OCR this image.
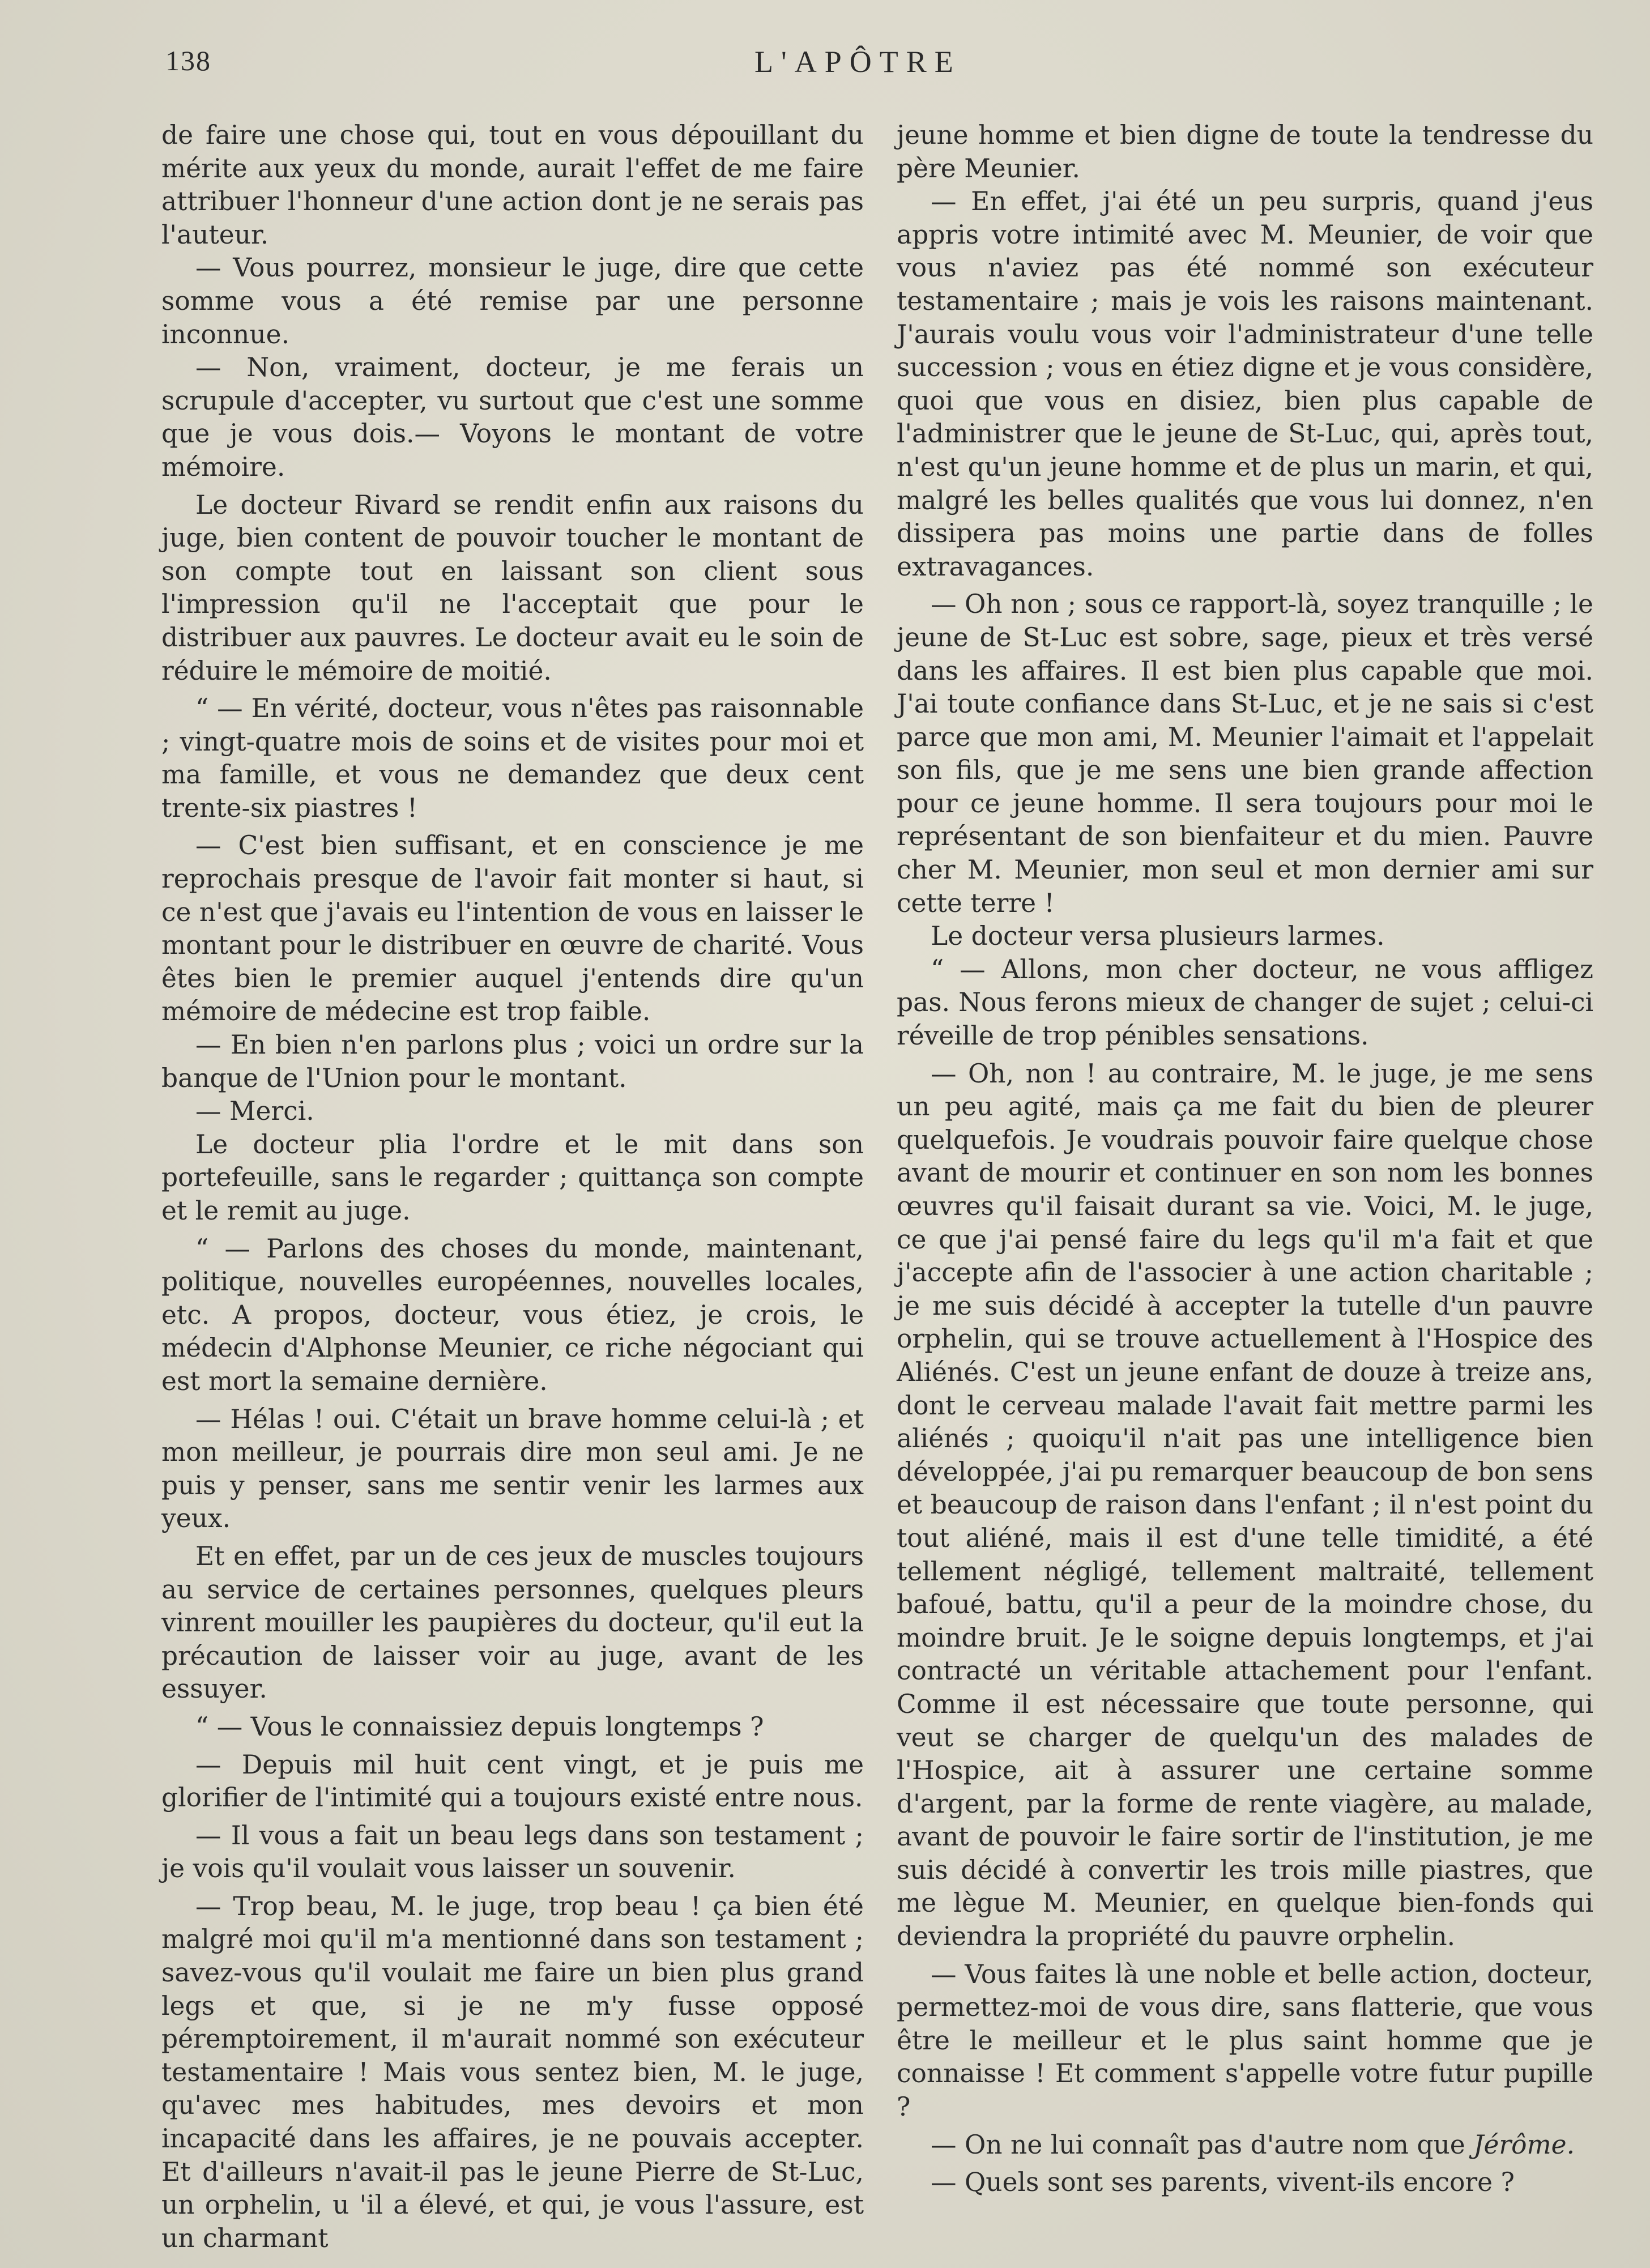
138	L'APÔTRE

de faire une chose qui, tout en vous dépouillant du mérite aux yeux du monde, aurait l'effet de me faire attribuer l'honneur d'une action dont je ne serais pas l'auteur.

— Vous pourrez, monsieur le juge, dire que cette somme vous a été remise par une personne inconnue.

— Non, vraiment, docteur, je me ferais un scrupule d'accepter, vu surtout que c'est une somme que je vous dois.— Voyons le montant de votre mémoire.

Le docteur Rivard se rendit enfin aux raisons du juge, bien content de pouvoir toucher le montant de son compte tout en laissant son client sous l'impression qu'il ne l'acceptait que pour le distribuer aux pauvres. Le docteur avait eu le soin de réduire le mémoire de moitié.

“ — En vérité, docteur, vous n'êtes pas raisonnable ; vingt-quatre mois de soins et de visites pour moi et ma famille, et vous ne demandez que deux cent trente-six piastres !

— C'est bien suffisant, et en conscience je me reprochais presque de l'avoir fait monter si haut, si ce n'est que j'avais eu l'intention de vous en laisser le montant pour le distribuer en œuvre de charité. Vous êtes bien le premier auquel j'entends dire qu'un mémoire de médecine est trop faible.

— En bien n'en parlons plus ; voici un ordre sur la banque de l'Union pour le montant.

— Merci.

Le docteur plia l'ordre et le mit dans son portefeuille, sans le regarder ; quittança son compte et le remit au juge.

“ — Parlons des choses du monde, maintenant, politique, nouvelles européennes, nouvelles locales, etc. A propos, docteur, vous étiez, je crois, le médecin d'Alphonse Meunier, ce riche négociant qui est mort la semaine dernière.

— Hélas ! oui. C'était un brave homme celui-là ; et mon meilleur, je pourrais dire mon seul ami. Je ne puis y penser, sans me sentir venir les larmes aux yeux.

Et en effet, par un de ces jeux de muscles toujours au service de certaines personnes, quelques pleurs vinrent mouiller les paupières du docteur, qu'il eut la précaution de laisser voir au juge, avant de les essuyer.

“ — Vous le connaissiez depuis longtemps ?

— Depuis mil huit cent vingt, et je puis me glorifier de l'intimité qui a toujours existé entre nous.

— Il vous a fait un beau legs dans son testament ; je vois qu'il voulait vous laisser un souvenir.

— Trop beau, M. le juge, trop beau ! ça bien été malgré moi qu'il m'a mentionné dans son testament ; savez-vous qu'il voulait me faire un bien plus grand legs et que, si je ne m'y fusse opposé péremptoirement, il m'aurait nommé son exécuteur testamentaire ! Mais vous sentez bien, M. le juge, qu'avec mes habitudes, mes devoirs et mon incapacité dans les affaires, je ne pouvais accepter. Et d'ailleurs n'avait-il pas le jeune Pierre de St-Luc, un orphelin, u 'il a élevé, et qui, je vous l'assure, est un charmant

jeune homme et bien digne de toute la tendresse du père Meunier.

— En effet, j'ai été un peu surpris, quand j'eus appris votre intimité avec M. Meunier, de voir que vous n'aviez pas été nommé son exécuteur testamentaire ; mais je vois les raisons maintenant. J'aurais voulu vous voir l'administrateur d'une telle succession ; vous en étiez digne et je vous considère, quoi que vous en disiez, bien plus capable de l'administrer que le jeune de St-Luc, qui, après tout, n'est qu'un jeune homme et de plus un marin, et qui, malgré les belles qualités que vous lui donnez, n'en dissipera pas moins une partie dans de folles extravagances.

— Oh non ; sous ce rapport-là, soyez tranquille ; le jeune de St-Luc est sobre, sage, pieux et très versé dans les affaires. Il est bien plus capable que moi. J'ai toute confiance dans St-Luc, et je ne sais si c'est parce que mon ami, M. Meunier l'aimait et l'appelait son fils, que je me sens une bien grande affection pour ce jeune homme. Il sera toujours pour moi le représentant de son bienfaiteur et du mien. Pauvre cher M. Meunier, mon seul et mon dernier ami sur cette terre !

Le docteur versa plusieurs larmes.

“ — Allons, mon cher docteur, ne vous affligez pas. Nous ferons mieux de changer de sujet ; celui-ci réveille de trop pénibles sensations.

— Oh, non ! au contraire, M. le juge, je me sens un peu agité, mais ça me fait du bien de pleurer quelquefois. Je voudrais pouvoir faire quelque chose avant de mourir et continuer en son nom les bonnes œuvres qu'il faisait durant sa vie. Voici, M. le juge, ce que j'ai pensé faire du legs qu'il m'a fait et que j'accepte afin de l'associer à une action charitable ; je me suis décidé à accepter la tutelle d'un pauvre orphelin, qui se trouve actuellement à l'Hospice des Aliénés. C'est un jeune enfant de douze à treize ans, dont le cerveau malade l'avait fait mettre parmi les aliénés ; quoiqu'il n'ait pas une intelligence bien développée, j'ai pu remarquer beaucoup de bon sens et beaucoup de raison dans l'enfant ; il n'est point du tout aliéné, mais il est d'une telle timidité, a été tellement négligé, tellement maltraité, tellement bafoué, battu, qu'il a peur de la moindre chose, du moindre bruit. Je le soigne depuis longtemps, et j'ai contracté un véritable attachement pour l'enfant. Comme il est nécessaire que toute personne, qui veut se charger de quelqu'un des malades de l'Hospice, ait à assurer une certaine somme d'argent, par la forme de rente viagère, au malade, avant de pouvoir le faire sortir de l'institution, je me suis décidé à convertir les trois mille piastres, que me lègue M. Meunier, en quelque bien-fonds qui deviendra la propriété du pauvre orphelin.

— Vous faites là une noble et belle action, docteur, permettez-moi de vous dire, sans flatterie, que vous être le meilleur et le plus saint homme que je connaisse ! Et comment s'appelle votre futur pupille ?

— On ne lui connaît pas d'autre nom que Jérôme.

— Quels sont ses parents, vivent-ils encore ?
